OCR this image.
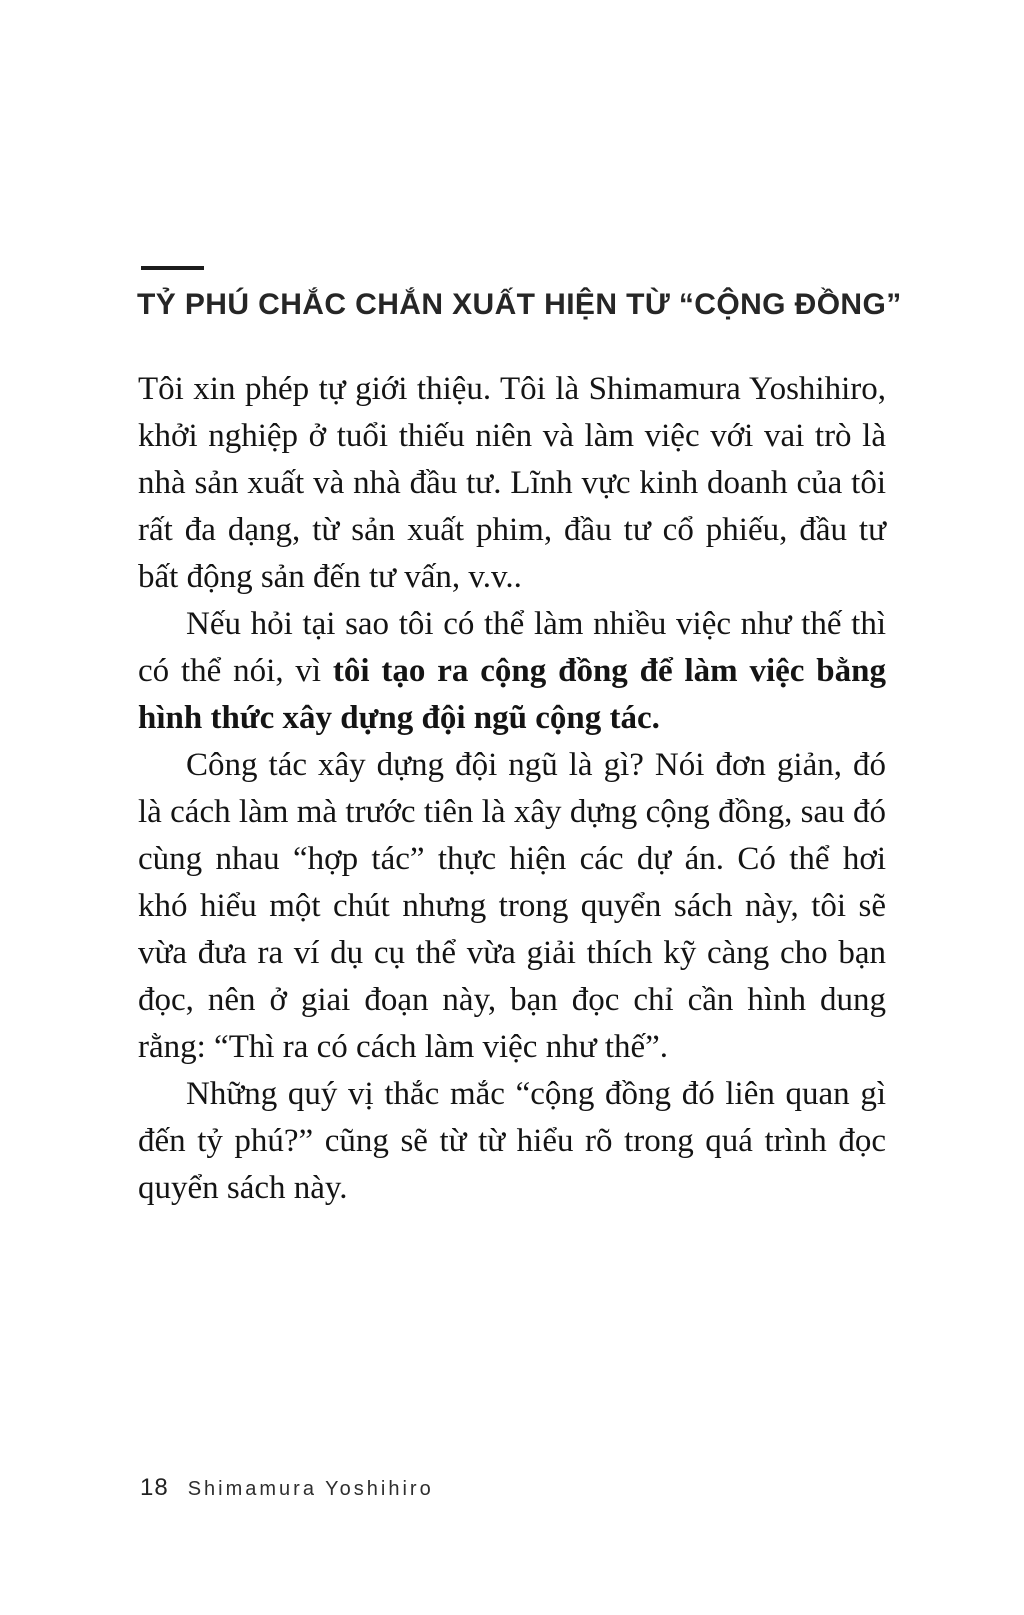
TỶ PHÚ CHẮC CHẮN XUẤT HIỆN TỪ “CỘNG ĐỒNG”

Tôi xin phép tự giới thiệu. Tôi là Shimamura Yoshihiro, khởi nghiệp ở tuổi thiếu niên và làm việc với vai trò là nhà sản xuất và nhà đầu tư. Lĩnh vực kinh doanh của tôi rất đa dạng, từ sản xuất phim, đầu tư cổ phiếu, đầu tư bất động sản đến tư vấn, v.v..

Nếu hỏi tại sao tôi có thể làm nhiều việc như thế thì có thể nói, vì tôi tạo ra cộng đồng để làm việc bằng hình thức xây dựng đội ngũ cộng tác.

Công tác xây dựng đội ngũ là gì? Nói đơn giản, đó là cách làm mà trước tiên là xây dựng cộng đồng, sau đó cùng nhau “hợp tác” thực hiện các dự án. Có thể hơi khó hiểu một chút nhưng trong quyển sách này, tôi sẽ vừa đưa ra ví dụ cụ thể vừa giải thích kỹ càng cho bạn đọc, nên ở giai đoạn này, bạn đọc chỉ cần hình dung rằng: “Thì ra có cách làm việc như thế”.

Những quý vị thắc mắc “cộng đồng đó liên quan gì đến tỷ phú?” cũng sẽ từ từ hiểu rõ trong quá trình đọc quyển sách này.

18 Shimamura Yoshihiro
